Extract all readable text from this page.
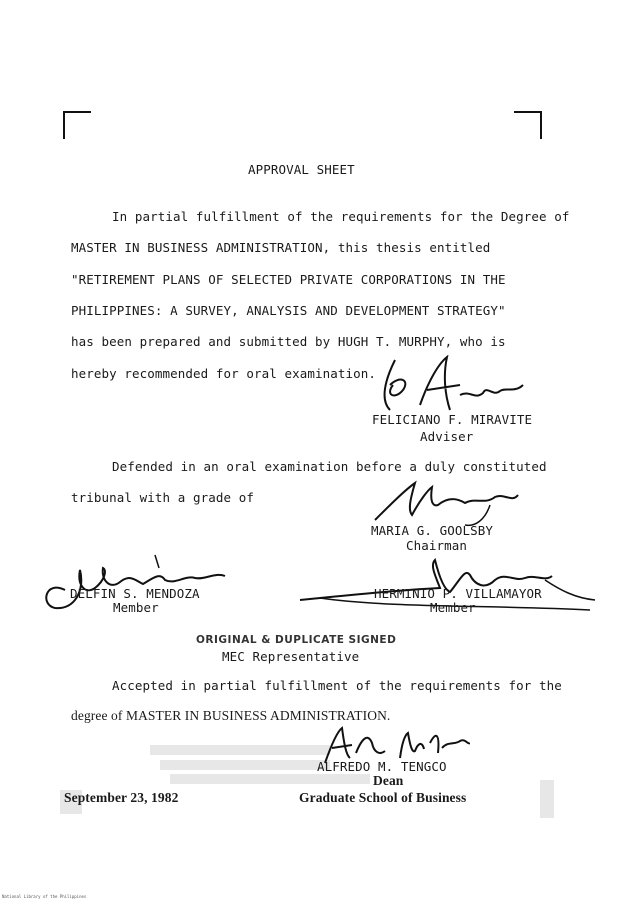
APPROVAL SHEET
In partial fulfillment of the requirements for the Degree of
MASTER IN BUSINESS ADMINISTRATION, this thesis entitled
"RETIREMENT PLANS OF SELECTED PRIVATE CORPORATIONS IN THE
PHILIPPINES: A SURVEY, ANALYSIS AND DEVELOPMENT STRATEGY"
has been prepared and submitted by HUGH T. MURPHY, who is
hereby recommended for oral examination.
FELICIANO F. MIRAVITE
Adviser
Defended in an oral examination before a duly constituted
tribunal with a grade of
MARIA G. GOOLSBY
Chairman
DELFIN S. MENDOZA
Member
HERMINIO P. VILLAMAYOR
Member
ORIGINAL & DUPLICATE SIGNED
MEC Representative
Accepted in partial fulfillment of the requirements for the
degree of MASTER IN BUSINESS ADMINISTRATION.
ALFREDO M. TENGCO
Dean
September 23, 1982	Graduate School of Business
National Library of the Philippines
